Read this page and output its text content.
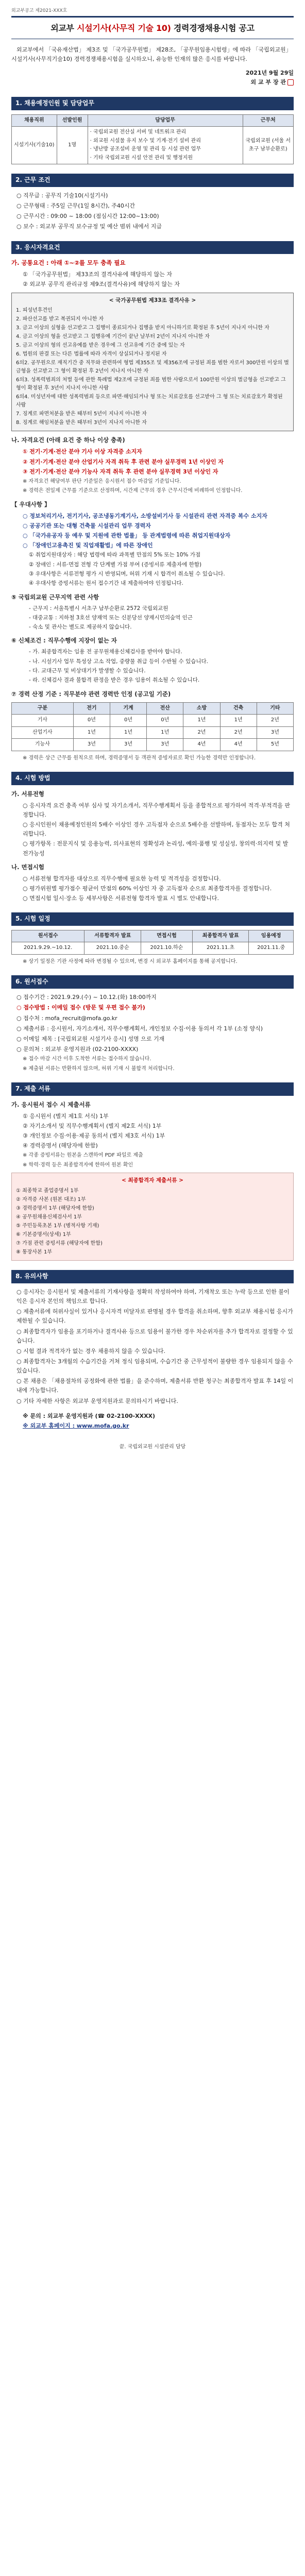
외교부공고 제2021-XXX호
외교부 시설기사(사무직 기술 10) 경력경쟁채용시험 공고

외교부에서 「국유재산법」 제3조 및 「국가공무원법」 제28조, 「공무원임용시험령」에 따라 「국립외교원」 시설기사(사무직기술10) 경력경쟁채용시험을 실시하오니, 유능한 인재의 많은 응시를 바랍니다.

2021년 9월 29일
외 교 부 장 관
1. 채용예정인원 및 담당업무
채용직위	선발인원	담당업무	근무처
시설기사(기술10)	1명	· 국립외교원 전산실 서버 및 네트워크 관리
· 외교원 시설물 유지 보수 및 기계·전기 설비 관리
· 냉난방 공조설비 운영 및 관리 등 시설 관련 업무
· 기타 국립외교원 시설 안전 관리 및 행정지원	국립외교원 (서울 서초구 남부순환로)
2. 근무 조건

○ 직무급 : 공무직 기술10(시설기사)

○ 근무형태 : 주5일 근무(1일 8시간), 주40시간

○ 근무시간 : 09:00 ~ 18:00 (점심시간 12:00~13:00)

○ 보수 : 외교부 공무직 보수규정 및 예산 범위 내에서 지급

3. 응시자격요건
가. 공통요건 : 아래 ①~②를 모두 충족 필요

① 「국가공무원법」 제33조의 결격사유에 해당하지 않는 자

② 외교부 공무직 관리규정 제9조(결격사유)에 해당하지 않는 자

< 국가공무원법 제33조 결격사유 >

1. 피성년후견인

2. 파산선고를 받고 복권되지 아니한 자

3. 금고 이상의 실형을 선고받고 그 집행이 종료되거나 집행을 받지 아니하기로 확정된 후 5년이 지나지 아니한 자

4. 금고 이상의 형을 선고받고 그 집행유예 기간이 끝난 날부터 2년이 지나지 아니한 자

5. 금고 이상의 형의 선고유예를 받은 경우에 그 선고유예 기간 중에 있는 자

6. 법원의 판결 또는 다른 법률에 따라 자격이 상실되거나 정지된 자

6의2. 공무원으로 재직기간 중 직무와 관련하여 형법 제355조 및 제356조에 규정된 죄를 범한 자로서 300만원 이상의 벌금형을 선고받고 그 형이 확정된 후 2년이 지나지 아니한 자

6의3. 성폭력범죄의 처벌 등에 관한 특례법 제2조에 규정된 죄를 범한 사람으로서 100만원 이상의 벌금형을 선고받고 그 형이 확정된 후 3년이 지나지 아니한 사람

6의4. 미성년자에 대한 성폭력범죄 등으로 파면·해임되거나 형 또는 치료감호를 선고받아 그 형 또는 치료감호가 확정된 사람

7. 징계로 파면처분을 받은 때부터 5년이 지나지 아니한 자

8. 징계로 해임처분을 받은 때부터 3년이 지나지 아니한 자

나. 자격요건 (아래 요건 중 하나 이상 충족)

① 전기·기계·전산 분야 기사 이상 자격증 소지자

② 전기·기계·전산 분야 산업기사 자격 취득 후 관련 분야 실무경력 1년 이상인 자

③ 전기·기계·전산 분야 기능사 자격 취득 후 관련 분야 실무경력 3년 이상인 자

※ 자격요건 해당여부 판단 기준일은 응시원서 접수 마감일 기준입니다.

※ 경력은 전일제 근무를 기준으로 산정하며, 시간제 근무의 경우 근무시간에 비례하여 인정합니다.

【 우대사항 】

○ 정보처리기사, 전기기사, 공조냉동기계기사, 소방설비기사 등 시설관리 관련 자격증 복수 소지자

○ 공공기관 또는 대형 건축물 시설관리 업무 경력자

○ 「국가유공자 등 예우 및 지원에 관한 법률」 등 관계법령에 따른 취업지원대상자

○ 「장애인고용촉진 및 직업재활법」에 따른 장애인

① 취업지원대상자 : 해당 법령에 따라 과목별 만점의 5% 또는 10% 가점

② 장애인 : 서류·면접 전형 각 단계별 가점 부여 (증빙서류 제출자에 한함)

③ 우대사항은 서류전형 평가 시 반영되며, 허위 기재 시 합격이 취소될 수 있습니다.

④ 우대사항 증빙서류는 원서 접수기간 내 제출하여야 인정됩니다.

⑤ 국립외교원 근무지역 관련 사항

- 근무지 : 서울특별시 서초구 남부순환로 2572 국립외교원

- 대중교통 : 지하철 3호선 양재역 또는 신분당선 양재시민의숲역 인근

- 숙소 및 관사는 별도로 제공하지 않습니다.

⑥ 신체조건 : 직무수행에 지장이 없는 자

- 가. 최종합격자는 임용 전 공무원채용신체검사를 받아야 합니다.

- 나. 시설기사 업무 특성상 고소 작업, 중량물 취급 등이 수반될 수 있습니다.

- 다. 교대근무 및 비상대기가 발생할 수 있습니다.

- 라. 신체검사 결과 불합격 판정을 받은 경우 임용이 취소될 수 있습니다.

⑦ 경력 산정 기준 : 직무분야 관련 경력만 인정 (공고일 기준)
구분	전기	기계	전산	소방	건축	기타
기사	0년	0년	0년	1년	1년	2년
산업기사	1년	1년	1년	2년	2년	3년
기능사	3년	3년	3년	4년	4년	5년

※ 경력은 상근 근무를 원칙으로 하며, 경력증명서 등 객관적 증빙자료로 확인 가능한 경력만 인정합니다.

4. 시험 방법
가. 서류전형

○ 응시자격 요건 충족 여부 심사 및 자기소개서, 직무수행계획서 등을 종합적으로 평가하여 적격·부적격을 판정합니다.

○ 응시인원이 채용예정인원의 5배수 이상인 경우 고득점자 순으로 5배수를 선발하며, 동점자는 모두 합격 처리합니다.

○ 평가항목 : 전문지식 및 응용능력, 의사표현의 정확성과 논리성, 예의·품행 및 성실성, 창의력·의지력 및 발전가능성

나. 면접시험

○ 서류전형 합격자를 대상으로 직무수행에 필요한 능력 및 적격성을 검정합니다.

○ 평가위원별 평가점수 평균이 만점의 60% 이상인 자 중 고득점자 순으로 최종합격자를 결정합니다.

○ 면접시험 일시·장소 등 세부사항은 서류전형 합격자 발표 시 별도 안내합니다.

5. 시험 일정
원서접수	서류합격자 발표	면접시험	최종합격자 발표	임용예정
2021.9.29.~10.12.	2021.10.중순	2021.10.하순	2021.11.초	2021.11.중

※ 상기 일정은 기관 사정에 따라 변경될 수 있으며, 변경 시 외교부 홈페이지를 통해 공지합니다.

6. 원서접수

○ 접수기간 : 2021.9.29.(수) ~ 10.12.(화) 18:00까지

○ 접수방법 : 이메일 접수 (방문 및 우편 접수 불가)

○ 접수처 : mofa_recruit@mofa.go.kr

○ 제출서류 : 응시원서, 자기소개서, 직무수행계획서, 개인정보 수집·이용 동의서 각 1부 (소정 양식)

○ 이메일 제목 : [국립외교원 시설기사 응시] 성명 으로 기재

○ 문의처 : 외교부 운영지원과 (02-2100-XXXX)

※ 접수 마감 시간 이후 도착한 서류는 접수하지 않습니다.

※ 제출된 서류는 반환하지 않으며, 허위 기재 시 불합격 처리합니다.

7. 제출 서류
가. 응시원서 접수 시 제출서류

① 응시원서 (별지 제1호 서식) 1부

② 자기소개서 및 직무수행계획서 (별지 제2호 서식) 1부

③ 개인정보 수집·이용·제공 동의서 (별지 제3호 서식) 1부

④ 경력증명서 (해당자에 한함)

※ 각종 증빙서류는 원본을 스캔하여 PDF 파일로 제출

※ 학력·경력 등은 최종합격자에 한하여 원본 확인

< 최종합격자 제출서류 >

① 최종학교 졸업증명서 1부

② 자격증 사본 (원본 대조) 1부

③ 경력증명서 1부 (해당자에 한함)

④ 공무원채용신체검사서 1부

⑤ 주민등록초본 1부 (병적사항 기재)

⑥ 기본증명서(상세) 1부

⑦ 가점 관련 증빙서류 (해당자에 한함)

⑧ 통장사본 1부

8. 유의사항

○ 응시자는 응시원서 및 제출서류의 기재사항을 정확히 작성하여야 하며, 기재착오 또는 누락 등으로 인한 불이익은 응시자 본인의 책임으로 합니다.

○ 제출서류에 허위사실이 있거나 응시자격 미달자로 판명될 경우 합격을 취소하며, 향후 외교부 채용시험 응시가 제한될 수 있습니다.

○ 최종합격자가 임용을 포기하거나 결격사유 등으로 임용이 불가한 경우 차순위자를 추가 합격자로 결정할 수 있습니다.

○ 시험 결과 적격자가 없는 경우 채용하지 않을 수 있습니다.

○ 최종합격자는 3개월의 수습기간을 거쳐 정식 임용되며, 수습기간 중 근무성적이 불량한 경우 임용되지 않을 수 있습니다.

○ 본 채용은 「채용절차의 공정화에 관한 법률」을 준수하며, 제출서류 반환 청구는 최종합격자 발표 후 14일 이내에 가능합니다.

○ 기타 자세한 사항은 외교부 운영지원과로 문의하시기 바랍니다.

※ 문의 : 외교부 운영지원과 (☎ 02-2100-XXXX)

※ 외교부 홈페이지 : www.mofa.go.kr

끝. 국립외교원 시설관리 담당
